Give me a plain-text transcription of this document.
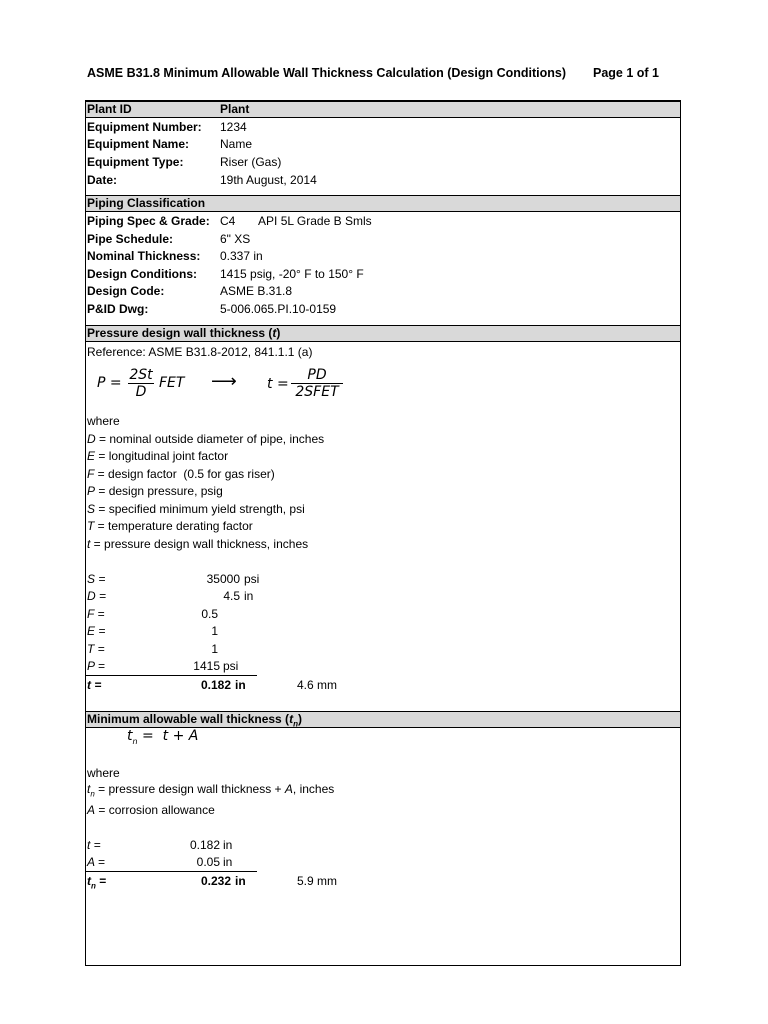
ASME B31.8 Minimum Allowable Wall Thickness Calculation (Design Conditions) Page 1 of 1
Plant ID	Plant
Equipment Number: 1234
Equipment Name:	Name
Equipment Type:	Riser (Gas)
Date:	19th August, 2014
Piping Classification
Piping Spec & Grade: C4       API 5L Grade B Smls
Pipe Schedule:	6" XS
Nominal Thickness: 0.337 in
Design Conditions: 1415 psig, -20° F to 150° F
Design Code:	ASME B.31.8
P&ID Dwg:	5-006.065.PI.10-0159
Pressure design wall thickness (t)
Reference: ASME B31.8-2012, 841.1.1 (a)
$P = \frac{2St}{D}$ FET ⟶ t =
PD
2SFET
where
D = nominal outside diameter of pipe, inches
E = longitudinal joint factor
F = design factor  (0.5 for gas riser)
P = design pressure, psig
S = specified minimum yield strength, psi
T = temperature derating factor
t = pressure design wall thickness, inches
S =	35000 psi
D =	4.5 in
F =	0.5
E =	1
T =	1
P =	1415 psi
t =	0.182 in	4.6 mm
Minimum allowable wall thickness $(t_n)$
$t_n = t + A$
where
$t_n$ = pressure design wall thickness + A, inches
A = corrosion allowance
t =	0.182 in
A =	0.05 in
$t_n$ =	0.232 in	5.9 mm
